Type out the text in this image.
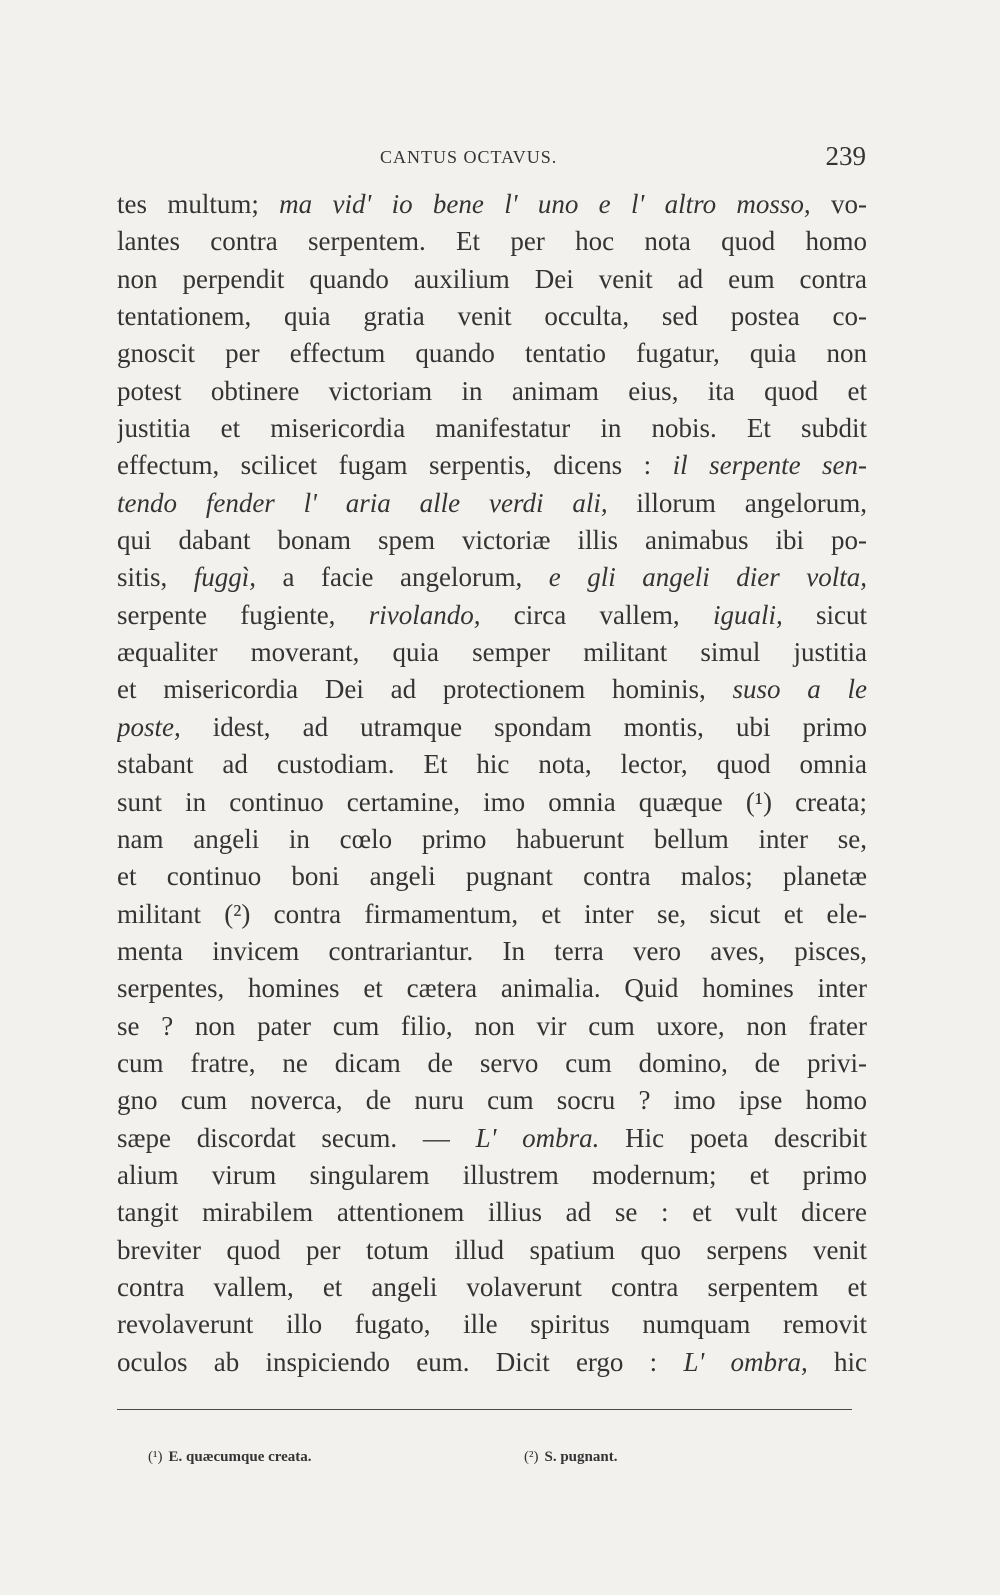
CANTUS OCTAVUS.	239
tes multum; ma vid' io bene l' uno e l' altro mosso, vo-
lantes contra serpentem. Et per hoc nota quod homo
non perpendit quando auxilium Dei venit ad eum contra
tentationem, quia gratia venit occulta, sed postea co-
gnoscit per effectum quando tentatio fugatur, quia non
potest obtinere victoriam in animam eius, ita quod et
justitia et misericordia manifestatur in nobis. Et subdit
effectum, scilicet fugam serpentis, dicens : il serpente sen-
tendo fender l' aria alle verdi ali, illorum angelorum,
qui dabant bonam spem victoriæ illis animabus ibi po-
sitis, fuggì, a facie angelorum, e gli angeli dier volta,
serpente fugiente, rivolando, circa vallem, iguali, sicut
æqualiter moverant, quia semper militant simul justitia
et misericordia Dei ad protectionem hominis, suso a le
poste, idest, ad utramque spondam montis, ubi primo
stabant ad custodiam. Et hic nota, lector, quod omnia
sunt in continuo certamine, imo omnia quæque (¹) creata;
nam angeli in cœlo primo habuerunt bellum inter se,
et continuo boni angeli pugnant contra malos; planetæ
militant (²) contra firmamentum, et inter se, sicut et ele-
menta invicem contrariantur. In terra vero aves, pisces,
serpentes, homines et cætera animalia. Quid homines inter
se ? non pater cum filio, non vir cum uxore, non frater
cum fratre, ne dicam de servo cum domino, de privi-
gno cum noverca, de nuru cum socru ? imo ipse homo
sæpe discordat secum. — L' ombra. Hic poeta describit
alium virum singularem illustrem modernum; et primo
tangit mirabilem attentionem illius ad se : et vult dicere
breviter quod per totum illud spatium quo serpens venit
contra vallem, et angeli volaverunt contra serpentem et
revolaverunt illo fugato, ille spiritus numquam removit
oculos ab inspiciendo eum. Dicit ergo : L' ombra, hic
(¹) E. quæcumque creata.	(²) S. pugnant.
